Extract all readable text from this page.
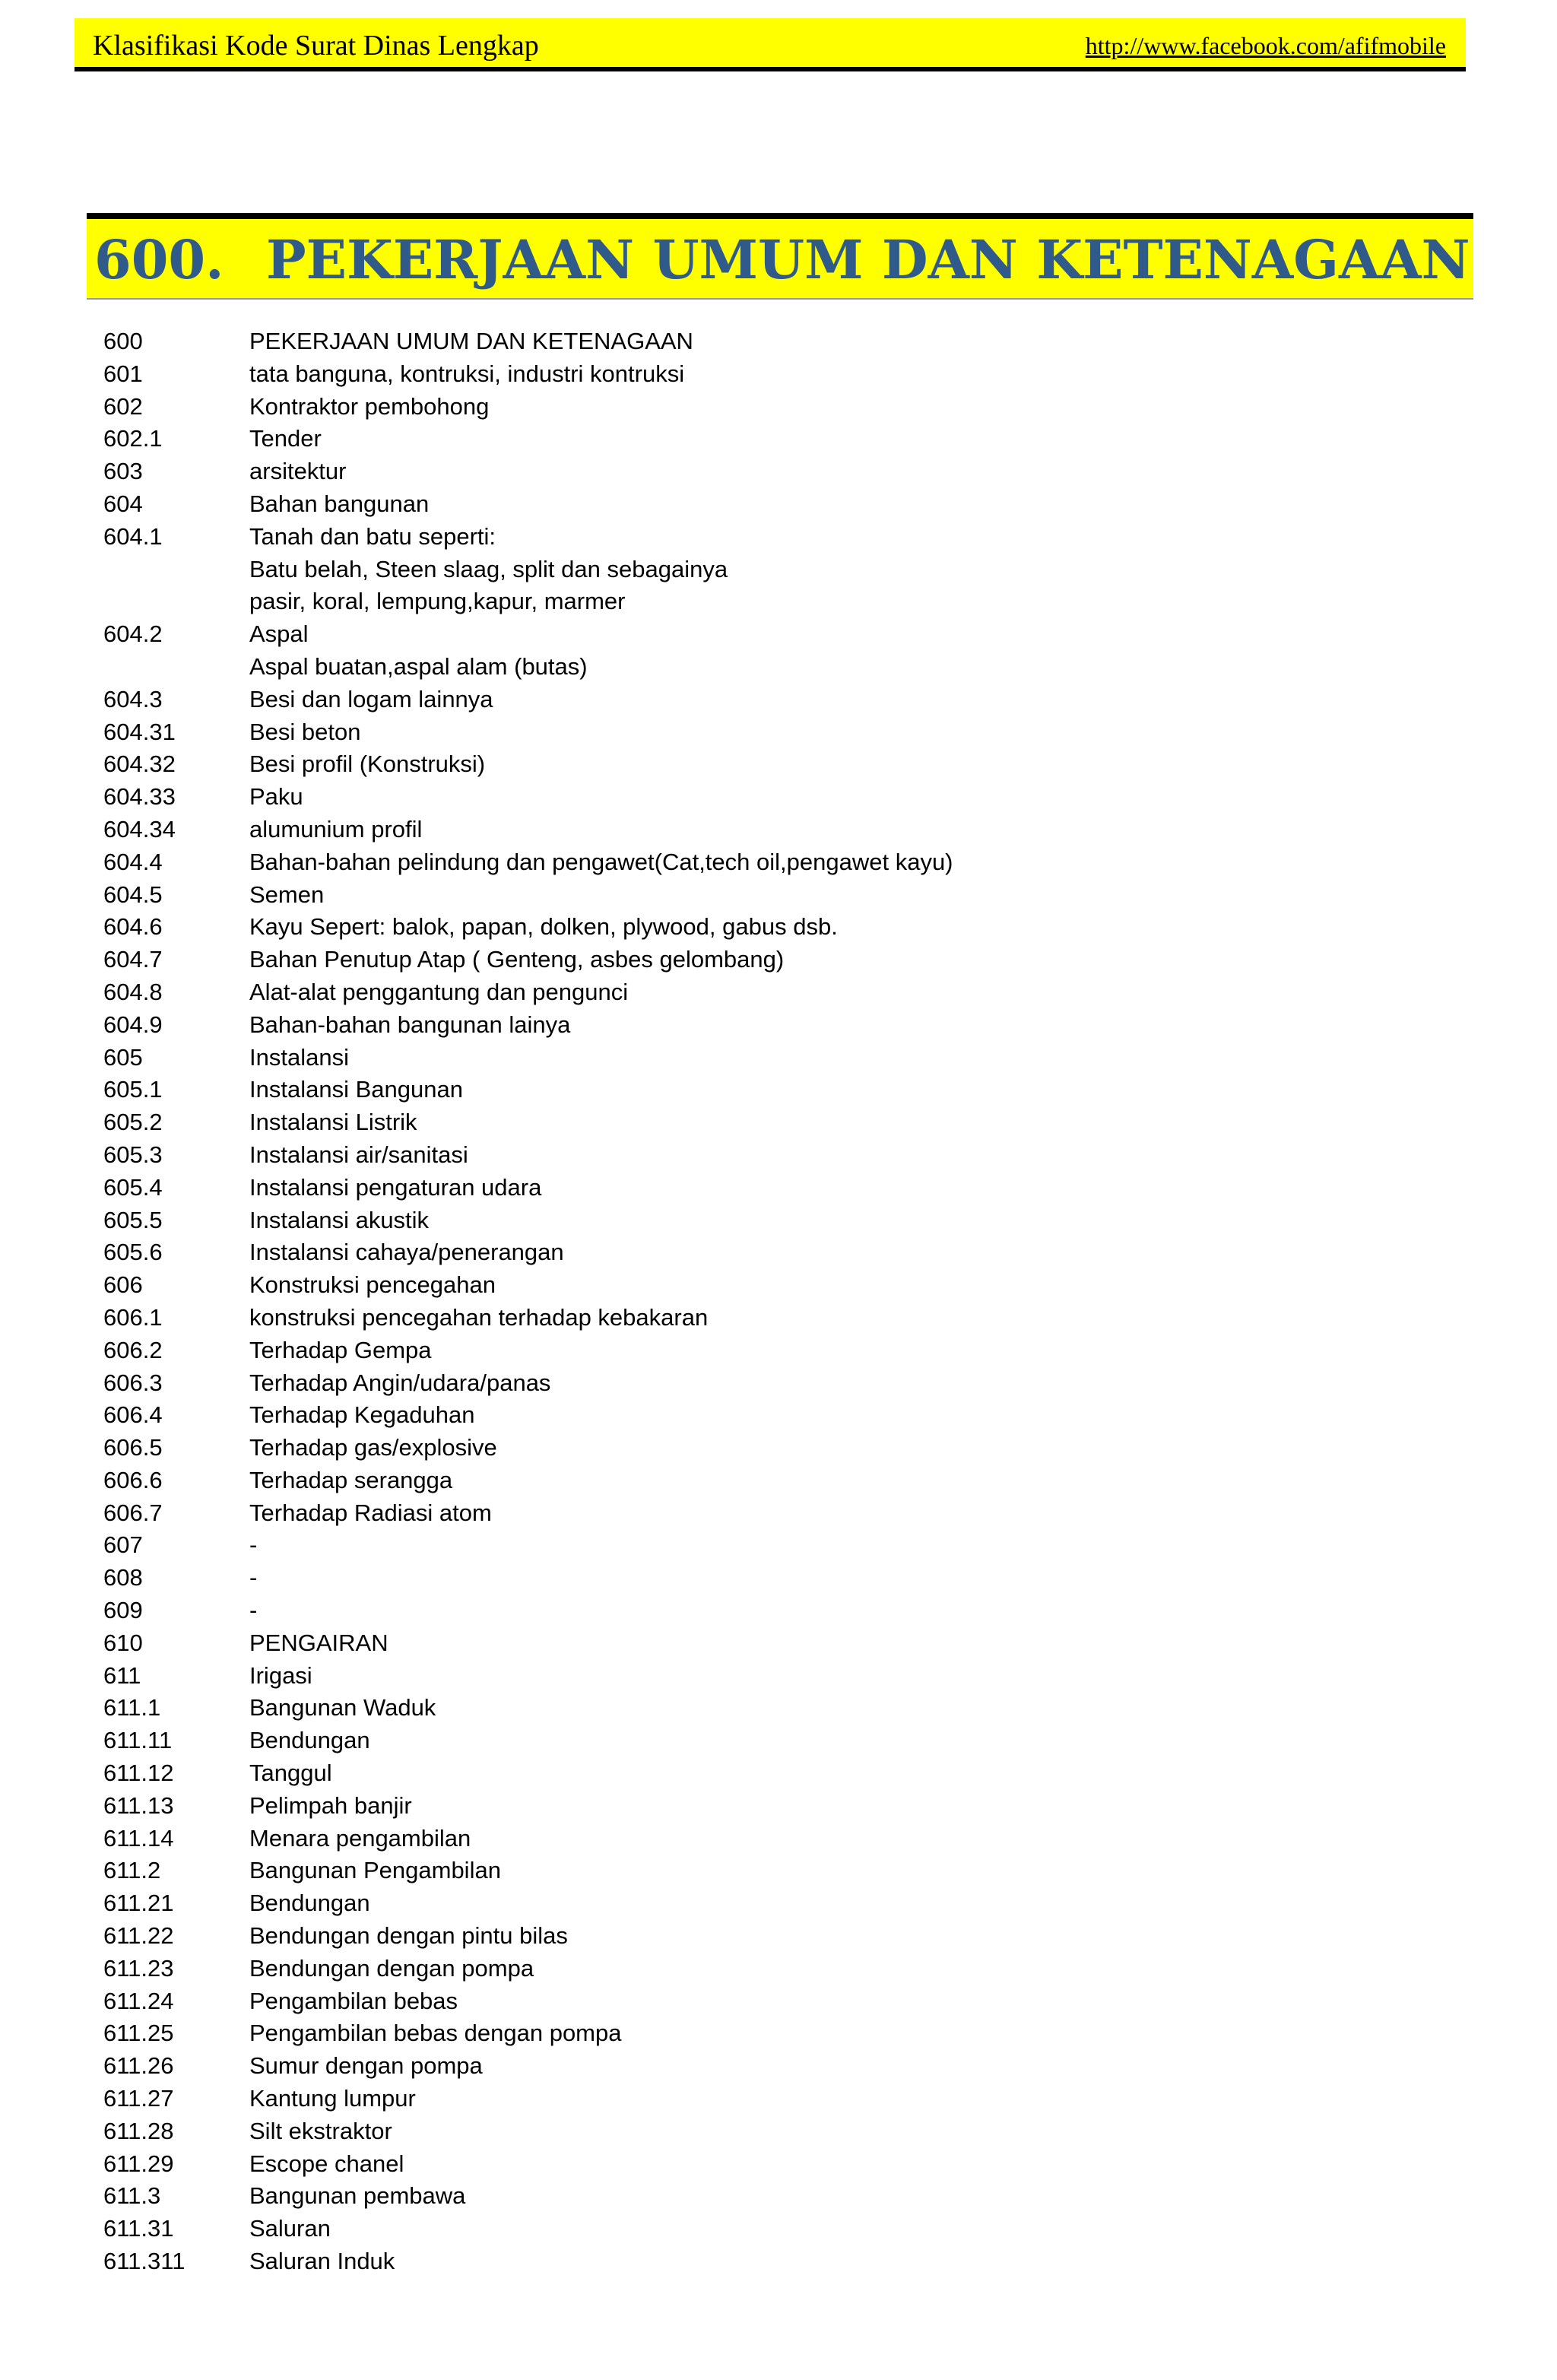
Klasifikasi Kode Surat Dinas Lengkap	http://www.facebook.com/afifmobile
600. PEKERJAAN UMUM DAN KETENAGAAN
600	PEKERJAAN UMUM DAN KETENAGAAN
601	tata banguna, kontruksi, industri kontruksi
602	Kontraktor pembohong
602.1	Tender
603	arsitektur
604	Bahan bangunan
604.1	Tanah dan batu seperti:
Batu belah, Steen slaag, split dan sebagainya
pasir, koral, lempung,kapur, marmer
604.2	Aspal
Aspal buatan,aspal alam (butas)
604.3	Besi dan logam lainnya
604.31	Besi beton
604.32	Besi profil (Konstruksi)
604.33	Paku
604.34	alumunium profil
604.4	Bahan-bahan pelindung dan pengawet(Cat,tech oil,pengawet kayu)
604.5	Semen
604.6	Kayu Sepert: balok, papan, dolken, plywood, gabus dsb.
604.7	Bahan Penutup Atap ( Genteng, asbes gelombang)
604.8	Alat-alat penggantung dan pengunci
604.9	Bahan-bahan bangunan lainya
605	Instalansi
605.1	Instalansi Bangunan
605.2	Instalansi Listrik
605.3	Instalansi air/sanitasi
605.4	Instalansi pengaturan udara
605.5	Instalansi akustik
605.6	Instalansi cahaya/penerangan
606	Konstruksi pencegahan
606.1	konstruksi pencegahan terhadap kebakaran
606.2	Terhadap Gempa
606.3	Terhadap Angin/udara/panas
606.4	Terhadap Kegaduhan
606.5	Terhadap gas/explosive
606.6	Terhadap serangga
606.7	Terhadap Radiasi atom
607	-
608	-
609	-
610	PENGAIRAN
611	Irigasi
611.1	Bangunan Waduk
611.11	Bendungan
611.12	Tanggul
611.13	Pelimpah banjir
611.14	Menara pengambilan
611.2	Bangunan Pengambilan
611.21	Bendungan
611.22	Bendungan dengan pintu bilas
611.23	Bendungan dengan pompa
611.24	Pengambilan bebas
611.25	Pengambilan bebas dengan pompa
611.26	Sumur dengan pompa
611.27	Kantung lumpur
611.28	Silt ekstraktor
611.29	Escope chanel
611.3	Bangunan pembawa
611.31	Saluran
611.311	Saluran Induk
